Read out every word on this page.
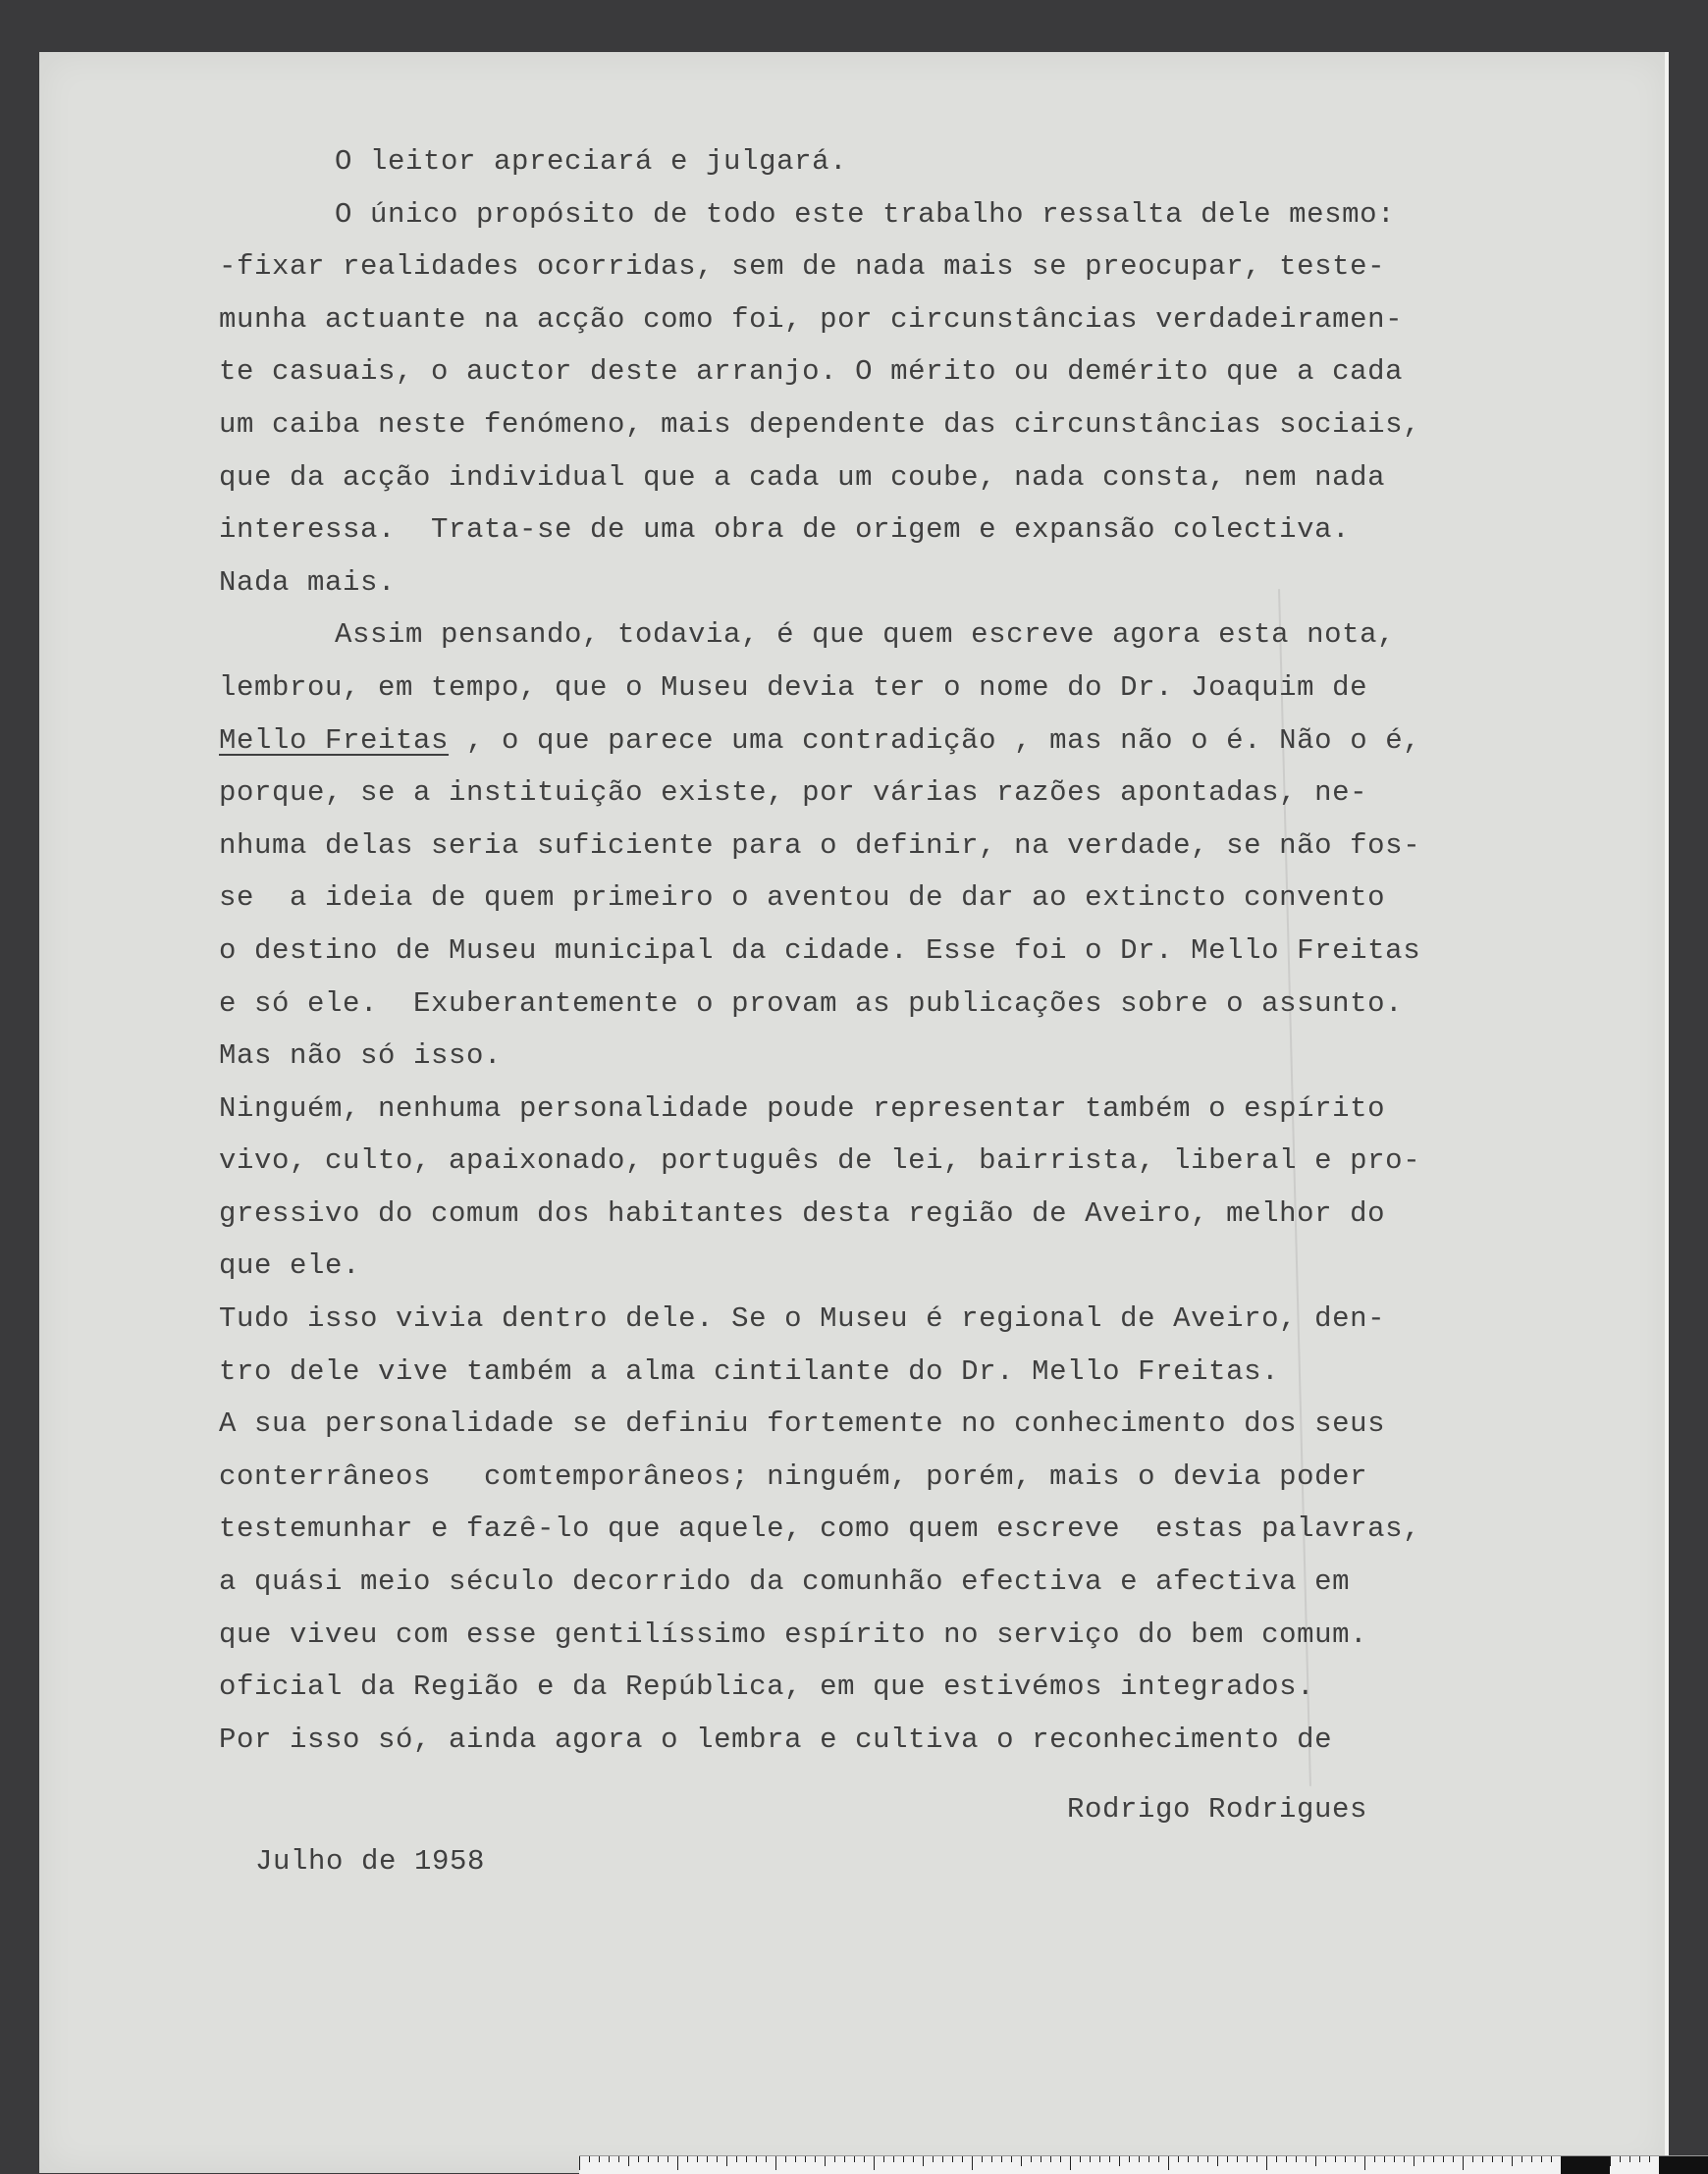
O leitor apreciará e julgará.
O único propósito de todo este trabalho ressalta dele mesmo:
-fixar realidades ocorridas, sem de nada mais se preocupar, teste-
munha actuante na acção como foi, por circunstâncias verdadeiramen-
te casuais, o auctor deste arranjo. O mérito ou demérito que a cada
um caiba neste fenómeno, mais dependente das circunstâncias sociais,
que da acção individual que a cada um coube, nada consta, nem nada
interessa.  Trata-se de uma obra de origem e expansão colectiva.
Nada mais.
Assim pensando, todavia, é que quem escreve agora esta nota,
lembrou, em tempo, que o Museu devia ter o nome do Dr. Joaquim de
Mello Freitas , o que parece uma contradição , mas não o é. Não o é,
porque, se a instituição existe, por várias razões apontadas, ne-
nhuma delas seria suficiente para o definir, na verdade, se não fos-
se  a ideia de quem primeiro o aventou de dar ao extincto convento
o destino de Museu municipal da cidade. Esse foi o Dr. Mello Freitas
e só ele.  Exuberantemente o provam as publicações sobre o assunto.
Mas não só isso.
Ninguém, nenhuma personalidade poude representar também o espírito
vivo, culto, apaixonado, português de lei, bairrista, liberal e pro-
gressivo do comum dos habitantes desta região de Aveiro, melhor do
que ele.
Tudo isso vivia dentro dele. Se o Museu é regional de Aveiro, den-
tro dele vive também a alma cintilante do Dr. Mello Freitas.
A sua personalidade se definiu fortemente no conhecimento dos seus
conterrâneos   comtemporâneos; ninguém, porém, mais o devia poder
testemunhar e fazê-lo que aquele, como quem escreve  estas palavras,
a quási meio século decorrido da comunhão efectiva e afectiva em
que viveu com esse gentilíssimo espírito no serviço do bem comum.
oficial da Região e da República, em que estivémos integrados.
Por isso só, ainda agora o lembra e cultiva o reconhecimento de
Rodrigo Rodrigues
Julho de 1958
